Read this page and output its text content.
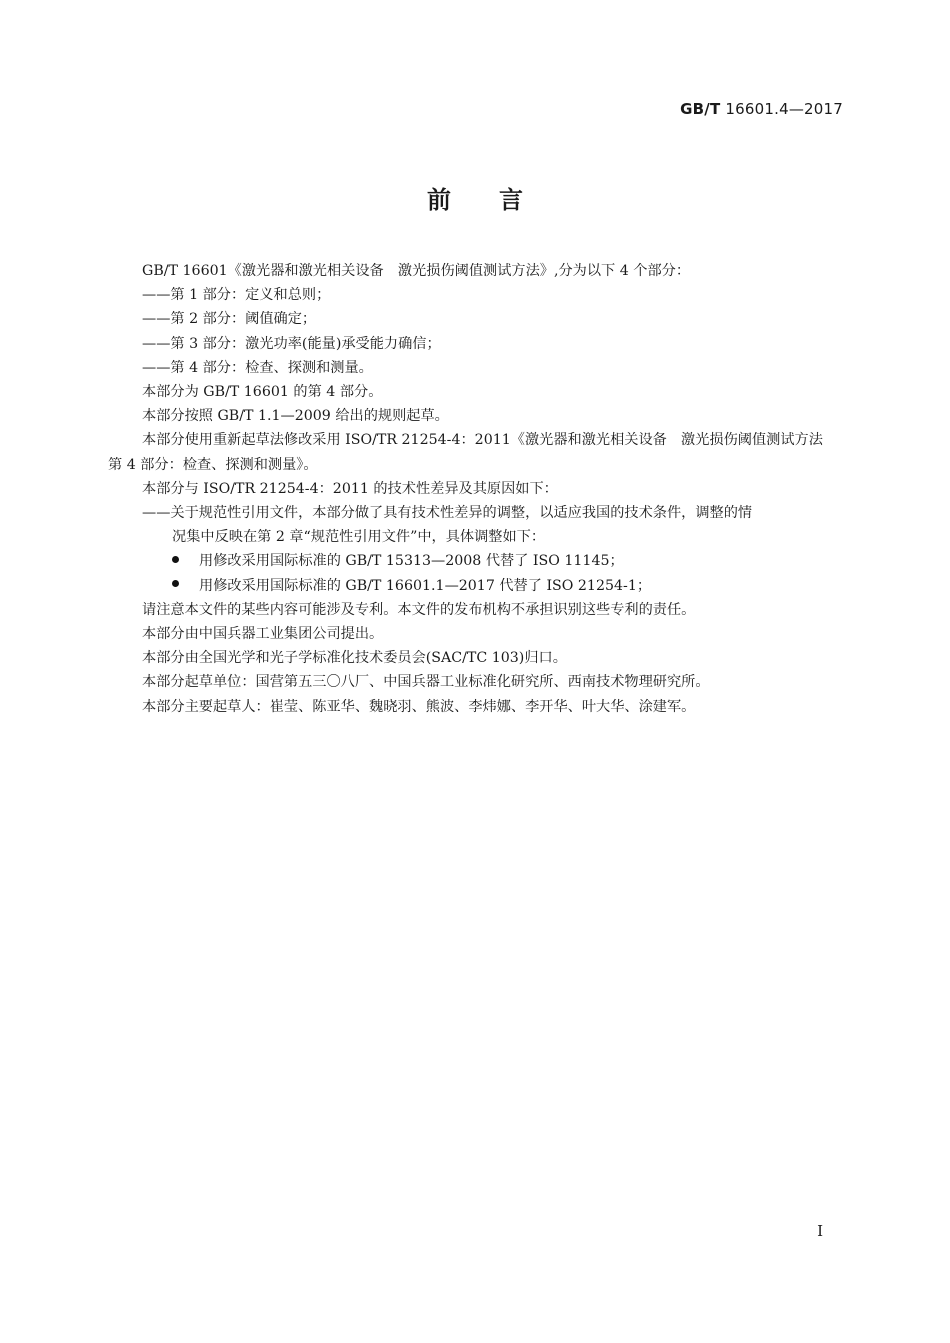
GB/T 16601.4—2017
前言

GB/T 16601《激光器和激光相关设备　激光损伤阈值测试方法》,分为以下 4 个部分：

——第 1 部分：定义和总则；

——第 2 部分：阈值确定；

——第 3 部分：激光功率(能量)承受能力确信；

——第 4 部分：检查、探测和测量。

本部分为 GB/T 16601 的第 4 部分。

本部分按照 GB/T 1.1—2009 给出的规则起草。

本部分使用重新起草法修改采用 ISO/TR 21254-4：2011《激光器和激光相关设备　激光损伤阈值测试方法　第 4 部分：检查、探测和测量》。

本部分与 ISO/TR 21254-4：2011 的技术性差异及其原因如下：

——关于规范性引用文件，本部分做了具有技术性差异的调整，以适应我国的技术条件，调整的情

况集中反映在第 2 章“规范性引用文件”中，具体调整如下：

用修改采用国际标准的 GB/T 15313—2008 代替了 ISO 11145；

用修改采用国际标准的 GB/T 16601.1—2017 代替了 ISO 21254-1；

请注意本文件的某些内容可能涉及专利。本文件的发布机构不承担识别这些专利的责任。

本部分由中国兵器工业集团公司提出。

本部分由全国光学和光子学标准化技术委员会(SAC/TC 103)归口。

本部分起草单位：国营第五三〇八厂、中国兵器工业标准化研究所、西南技术物理研究所。

本部分主要起草人：崔莹、陈亚华、魏晓羽、熊波、李炜娜、李开华、叶大华、涂建军。

I
